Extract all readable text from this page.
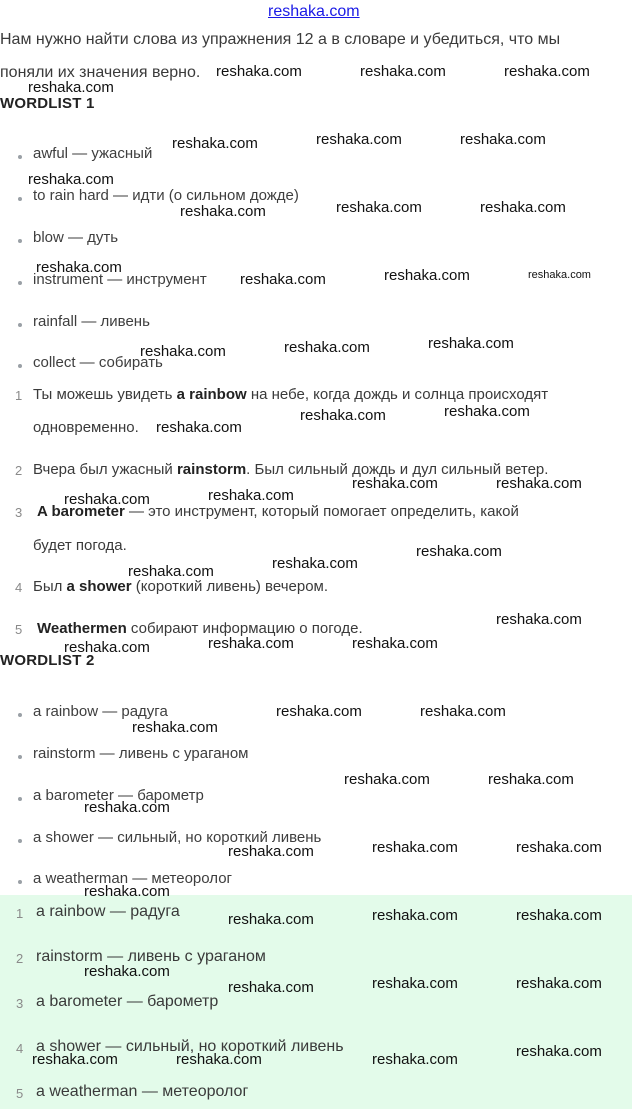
reshaka.com
Нам нужно найти слова из упражнения 12 а в словаре и убедиться, что мы
поняли их значения верно.
WORDLIST 1
awful — ужасный
to rain hard — идти (о сильном дожде)
blow — дуть
instrument — инструмент
rainfall — ливень
collect — собирать
1 Ты можешь увидеть a rainbow на небе, когда дождь и солнца происходят
одновременно.
2 Вчера был ужасный rainstorm. Был сильный дождь и дул сильный ветер.
3 A barometer — это инструмент, который помогает определить, какой
будет погода.
4 Был a shower (короткий ливень) вечером.
5 Weathermen собирают информацию о погоде.
WORDLIST 2
a rainbow — радуга
rainstorm — ливень с ураганом
a barometer — барометр
a shower — сильный, но короткий ливень
a weatherman — метеоролог
1 a rainbow — радуга
2 rainstorm — ливень с ураганом
3 a barometer — барометр
4 a shower — сильный, но короткий ливень
5 a weatherman — метеоролог
reshaka.com	reshaka.com	reshaka.com
reshaka.com
reshaka.com	reshaka.com	reshaka.com
reshaka.com
reshaka.com	reshaka.com	reshaka.com
reshaka.com
reshaka.com	reshaka.com	reshaka.com
reshaka.com	reshaka.com	reshaka.com
reshaka.com	reshaka.com
reshaka.com
reshaka.com	reshaka.com
reshaka.com	reshaka.com
reshaka.com
reshaka.com
reshaka.com
reshaka.com
reshaka.com	reshaka.com	reshaka.com
reshaka.com	reshaka.com
reshaka.com
reshaka.com	reshaka.com
reshaka.com
reshaka.com	reshaka.com
reshaka.com
reshaka.com
reshaka.com	reshaka.com
reshaka.com
reshaka.com
reshaka.com	reshaka.com
reshaka.com
reshaka.com
reshaka.com	reshaka.com	reshaka.com
